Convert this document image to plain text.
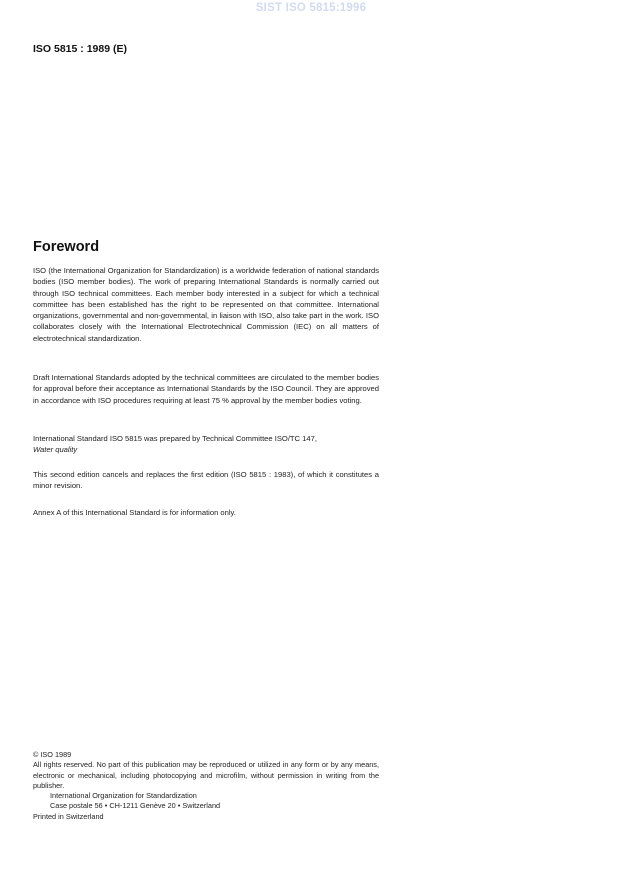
SIST ISO 5815:1996
ISO 5815 : 1989 (E)
Foreword

ISO (the International Organization for Standardization) is a worldwide federation of national standards bodies (ISO member bodies). The work of preparing International Standards is normally carried out through ISO technical committees. Each member body interested in a subject for which a technical committee has been established has the right to be represented on that committee. International organizations, governmental and non-governmental, in liaison with ISO, also take part in the work. ISO collaborates closely with the International Electrotechnical Commission (IEC) on all matters of electrotechnical standardization.

Draft International Standards adopted by the technical committees are circulated to the member bodies for approval before their acceptance as International Standards by the ISO Council. They are approved in accordance with ISO procedures requiring at least 75 % approval by the member bodies voting.

International Standard ISO 5815 was prepared by Technical Committee ISO/TC 147,
Water quality

This second edition cancels and replaces the first edition (ISO 5815 : 1983), of which it constitutes a minor revision.

Annex A of this International Standard is for information only.

© ISO 1989
All rights reserved. No part of this publication may be reproduced or utilized in any form or by any means, electronic or mechanical, including photocopying and microfilm, without permission in writing from the publisher.
International Organization for Standardization
Case postale 56 • CH-1211 Genève 20 • Switzerland
Printed in Switzerland
